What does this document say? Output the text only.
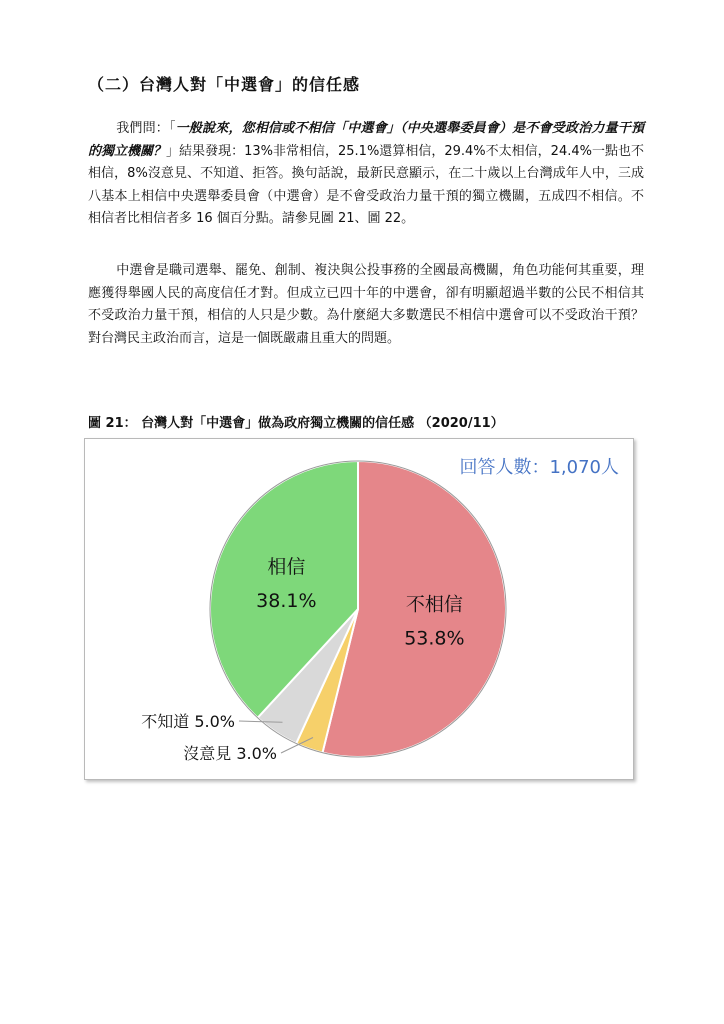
（二）台灣人對「中選會」的信任感
我們問：「一般說來，您相信或不相信「中選會」（中央選舉委員會）是不會受政治力量干預的獨立機關？」結果發現：13%非常相信，25.1%還算相信，29.4%不太相信，24.4%一點也不相信，8%沒意見、不知道、拒答。換句話說，最新民意顯示，在二十歲以上台灣成年人中，三成八基本上相信中央選舉委員會（中選會）是不會受政治力量干預的獨立機關，五成四不相信。不相信者比相信者多 16 個百分點。請參見圖 21、圖 22。
中選會是職司選舉、罷免、創制、複決與公投事務的全國最高機關，角色功能何其重要，理應獲得舉國人民的高度信任才對。但成立已四十年的中選會，卻有明顯超過半數的公民不相信其不受政治力量干預，相信的人只是少數。為什麼絕大多數選民不相信中選會可以不受政治干預？對台灣民主政治而言，這是一個既嚴肅且重大的問題。
圖 21： 台灣人對「中選會」做為政府獨立機關的信任感 （2020/11）
不相信
53.8%
相信
38.1%
不知道 5.0%
沒意見 3.0%
回答人數：1,070人
